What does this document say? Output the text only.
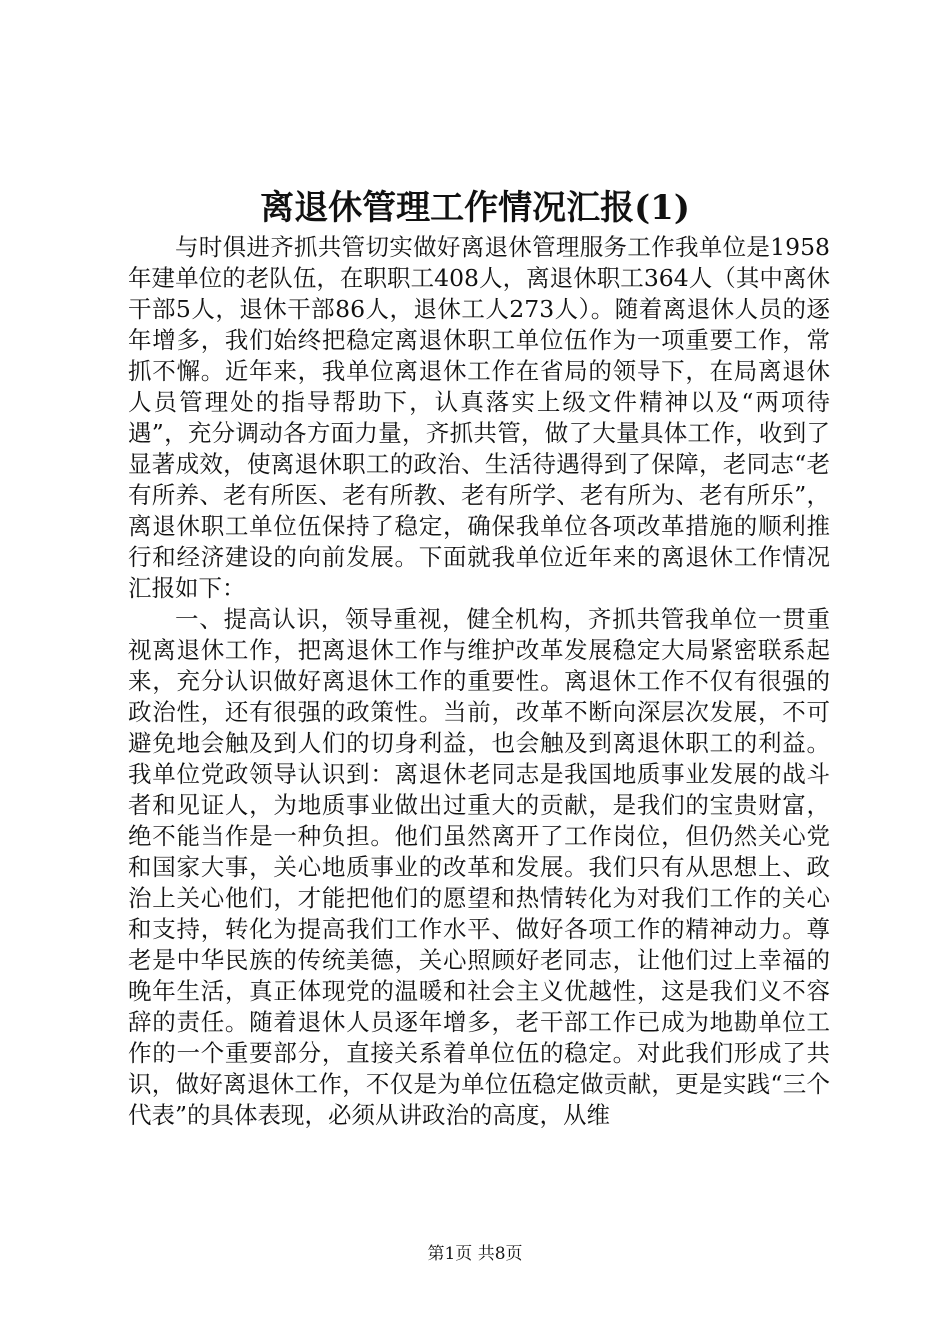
离退休管理工作情况汇报(1)

与时俱进齐抓共管切实做好离退休管理服务工作我单位是1958年建单位的老队伍，在职职工408人，离退休职工364人（其中离休干部5人，退休干部86人，退休工人273人）。随着离退休人员的逐年增多，我们始终把稳定离退休职工单位伍作为一项重要工作，常抓不懈。近年来，我单位离退休工作在省局的领导下，在局离退休人员管理处的指导帮助下，认真落实上级文件精神以及“两项待遇”，充分调动各方面力量，齐抓共管，做了大量具体工作，收到了显著成效，使离退休职工的政治、生活待遇得到了保障，老同志“老有所养、老有所医、老有所教、老有所学、老有所为、老有所乐”，离退休职工单位伍保持了稳定，确保我单位各项改革措施的顺利推行和经济建设的向前发展。下面就我单位近年来的离退休工作情况汇报如下：

一、提高认识，领导重视，健全机构，齐抓共管我单位一贯重视离退休工作，把离退休工作与维护改革发展稳定大局紧密联系起来，充分认识做好离退休工作的重要性。离退休工作不仅有很强的政治性，还有很强的政策性。当前，改革不断向深层次发展，不可避免地会触及到人们的切身利益，也会触及到离退休职工的利益。我单位党政领导认识到：离退休老同志是我国地质事业发展的战斗者和见证人，为地质事业做出过重大的贡献，是我们的宝贵财富，绝不能当作是一种负担。他们虽然离开了工作岗位，但仍然关心党和国家大事，关心地质事业的改革和发展。我们只有从思想上、政治上关心他们，才能把他们的愿望和热情转化为对我们工作的关心和支持，转化为提高我们工作水平、做好各项工作的精神动力。尊老是中华民族的传统美德，关心照顾好老同志，让他们过上幸福的晚年生活，真正体现党的温暖和社会主义优越性，这是我们义不容辞的责任。随着退休人员逐年增多，老干部工作已成为地勘单位工作的一个重要部分，直接关系着单位伍的稳定。对此我们形成了共识，做好离退休工作，不仅是为单位伍稳定做贡献，更是实践“三个代表”的具体表现，必须从讲政治的高度，从维

第1页 共8页
